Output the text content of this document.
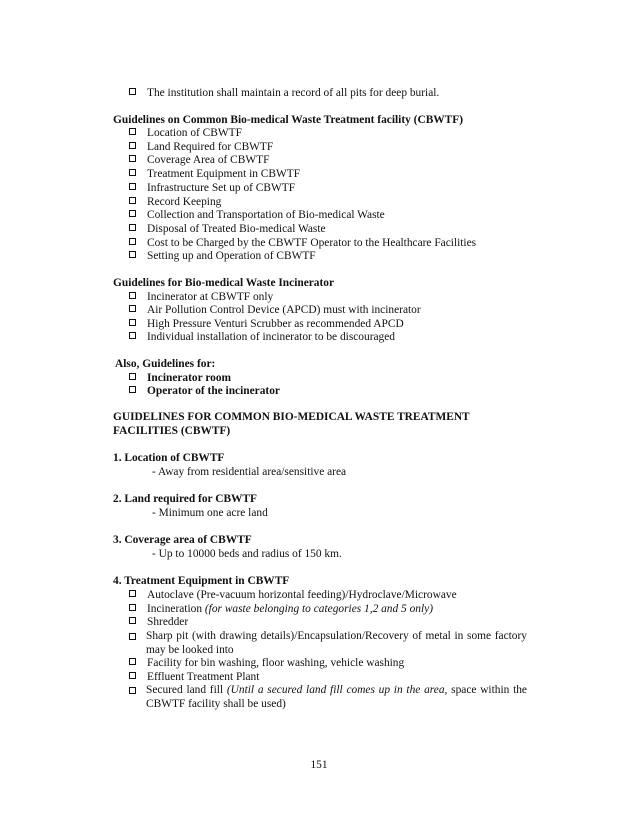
The institution shall maintain a record of all pits for deep burial.
Guidelines on Common Bio-medical Waste Treatment facility (CBWTF)
Location of CBWTF
Land Required for CBWTF
Coverage Area of CBWTF
Treatment Equipment in CBWTF
Infrastructure Set up of CBWTF
Record Keeping
Collection and Transportation of Bio-medical Waste
Disposal of Treated Bio-medical Waste
Cost to be Charged by the CBWTF Operator to the Healthcare Facilities
Setting up and Operation of CBWTF
Guidelines for Bio-medical Waste Incinerator
Incinerator at CBWTF only
Air Pollution Control Device (APCD) must with incinerator
High Pressure Venturi Scrubber as recommended APCD
Individual installation of incinerator to be discouraged
Also, Guidelines for:
Incinerator room
Operator of the incinerator
GUIDELINES FOR COMMON BIO-MEDICAL WASTE TREATMENT
FACILITIES (CBWTF)
1. Location of CBWTF
- Away from residential area/sensitive area
2. Land required for CBWTF
- Minimum one acre land
3. Coverage area of CBWTF
- Up to 10000 beds and radius of 150 km.
4. Treatment Equipment in CBWTF
Autoclave (Pre-vacuum horizontal feeding)/Hydroclave/Microwave
Incineration (for waste belonging to categories 1,2 and 5 only)
Shredder
Sharp pit (with drawing details)/Encapsulation/Recovery of metal in some factory may be looked into
Facility for bin washing, floor washing, vehicle washing
Effluent Treatment Plant
Secured land fill (Until a secured land fill comes up in the area, space within the CBWTF facility shall be used)
151
